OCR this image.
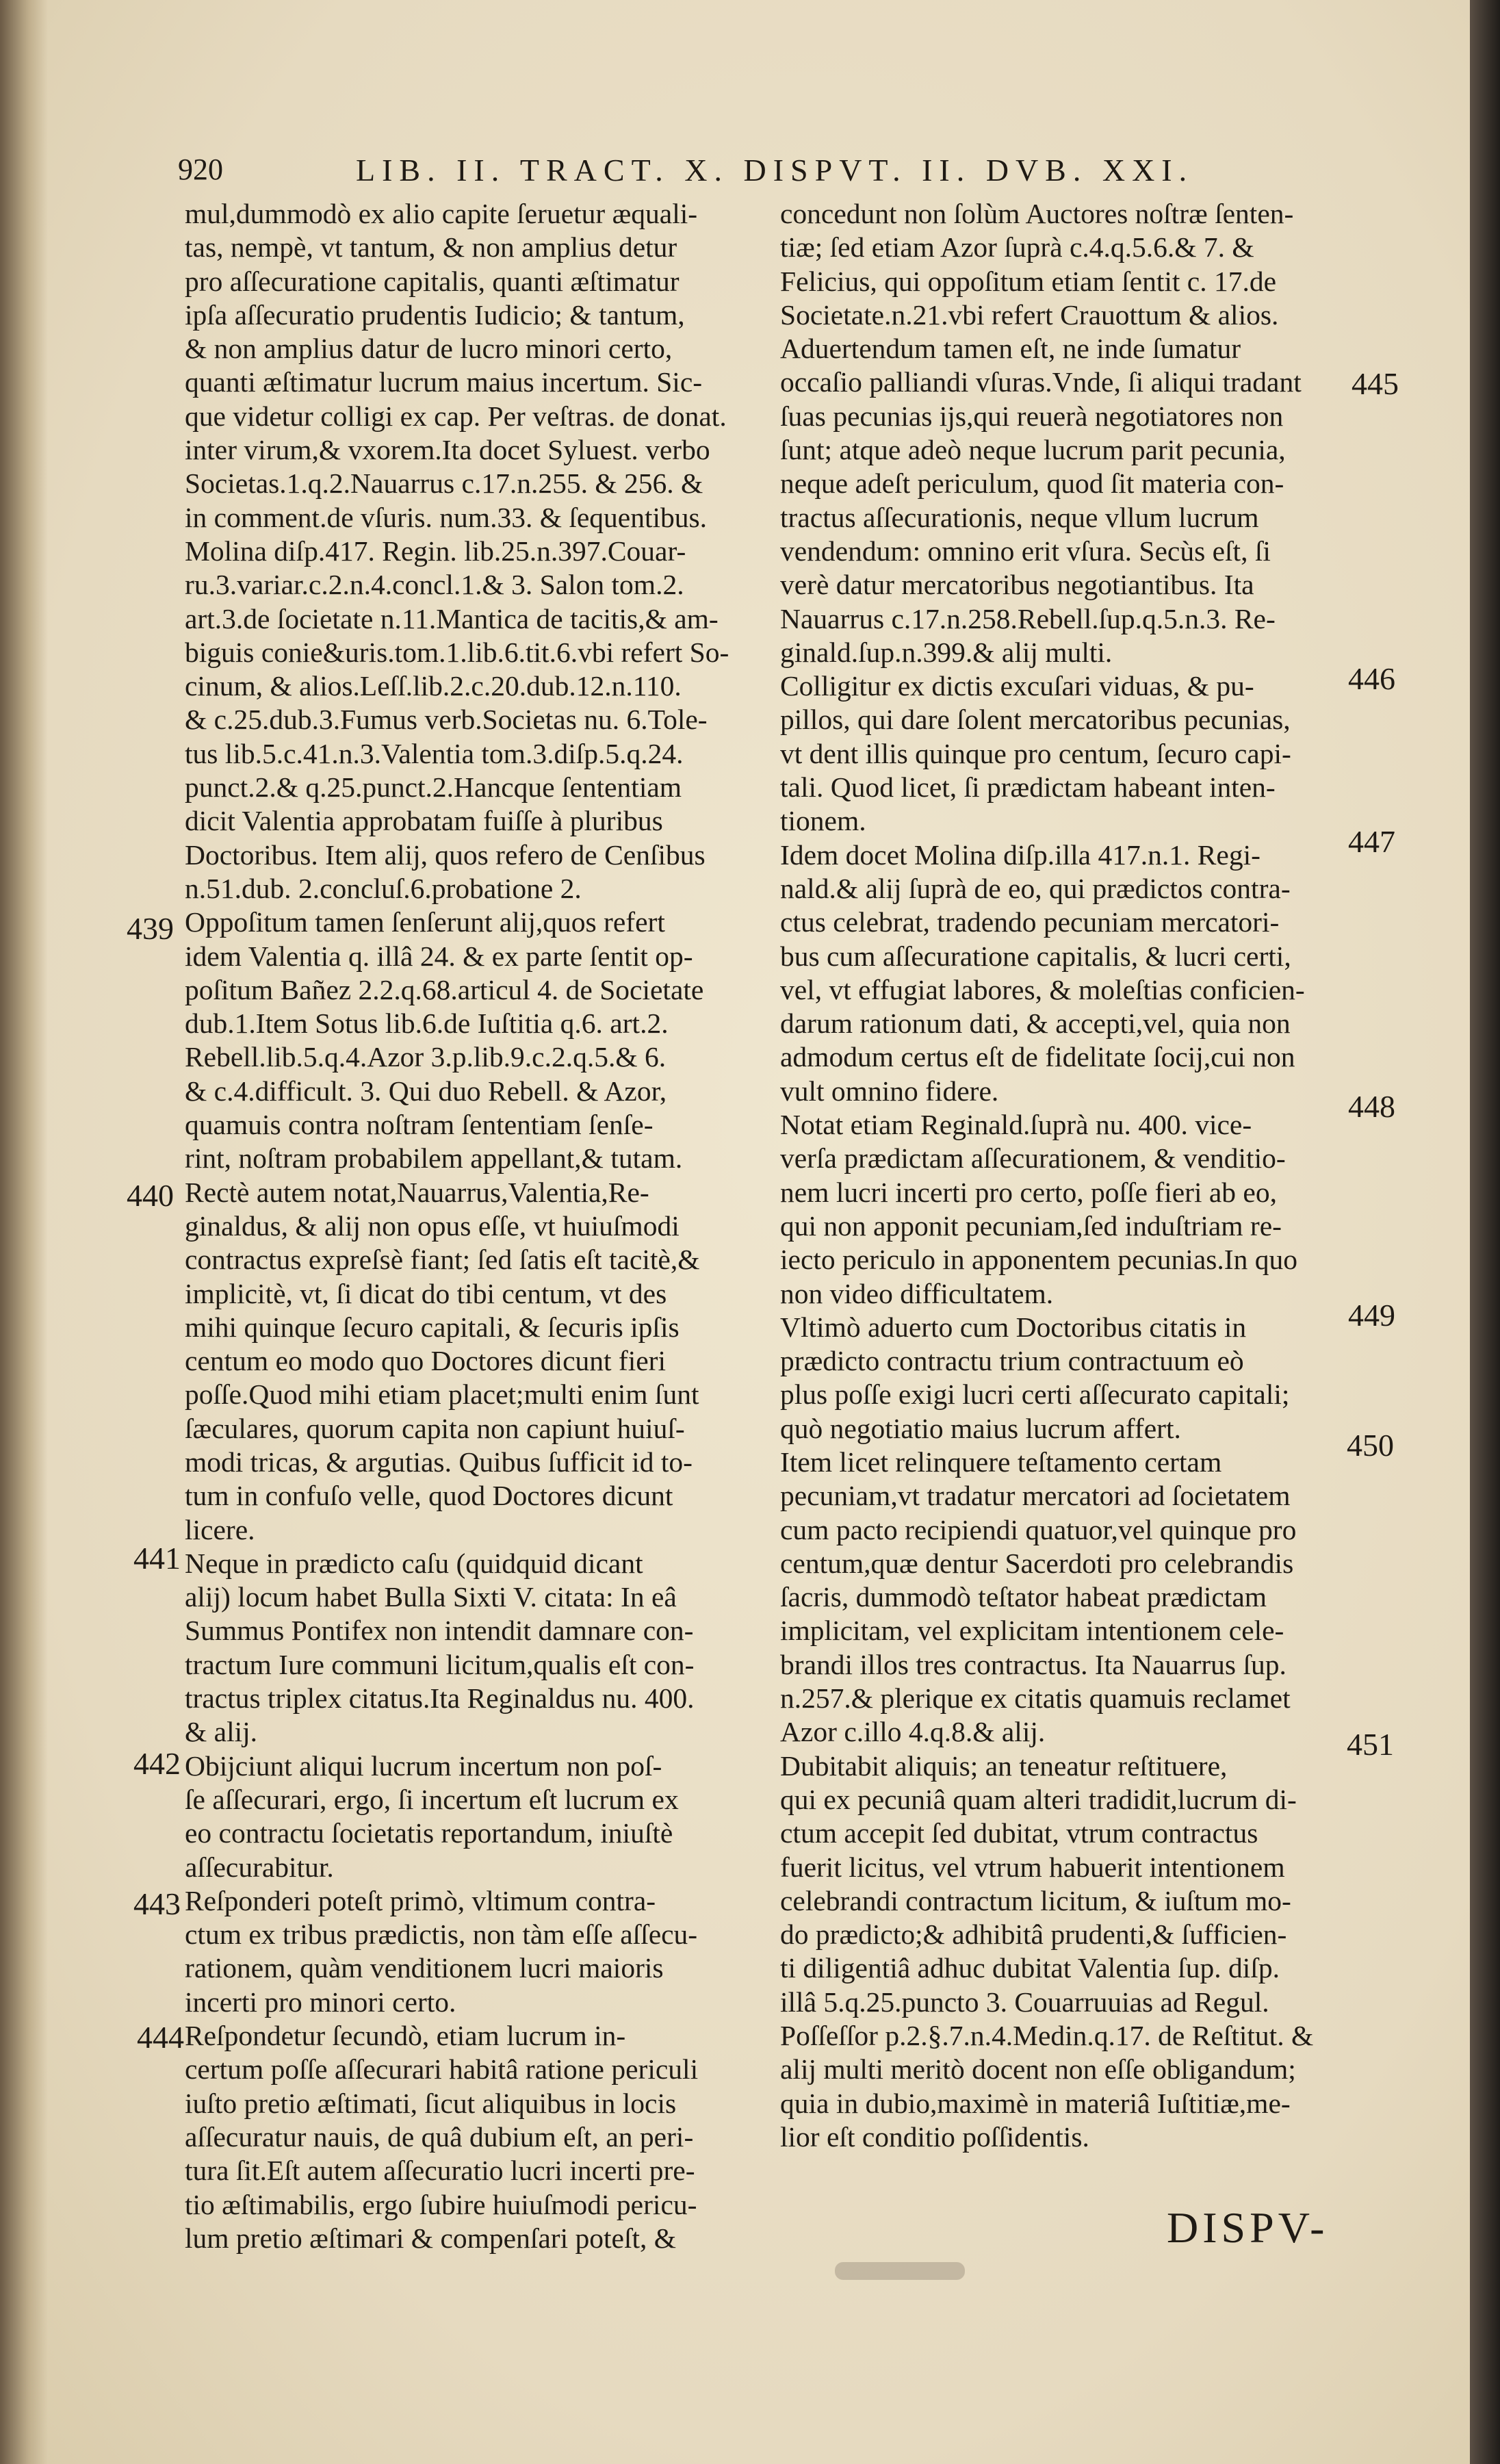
920	LIB. II. TRACT. X. DISPVT. II. DVB. XXI.
mul,dummodò ex alio capite ſeruetur æquali-
tas, nempè, vt tantum, & non amplius detur
pro aſſecuratione capitalis, quanti æſtimatur
ipſa aſſecuratio prudentis Iudicio; & tantum,
& non amplius datur de lucro minori certo,
quanti æſtimatur lucrum maius incertum. Sic-
que videtur colligi ex cap. Per veſtras. de donat.
inter virum,& vxorem.Ita docet Syluest. verbo
Societas.1.q.2.Nauarrus c.17.n.255. & 256. &
in comment.de vſuris. num.33. & ſequentibus.
Molina diſp.417. Regin. lib.25.n.397.Couar-
ru.3.variar.c.2.n.4.concl.1.& 3. Salon tom.2.
art.3.de ſocietate n.11.Mantica de tacitis,& am-
biguis conie&uris.tom.1.lib.6.tit.6.vbi refert So-
cinum, & alios.Leſſ.lib.2.c.20.dub.12.n.110.
& c.25.dub.3.Fumus verb.Societas nu. 6.Tole-
tus lib.5.c.41.n.3.Valentia tom.3.diſp.5.q.24.
punct.2.& q.25.punct.2.Hancque ſententiam
dicit Valentia approbatam fuiſſe à pluribus
Doctoribus. Item alij, quos refero de Cenſibus
n.51.dub. 2.concluſ.6.probatione 2.
Oppoſitum tamen ſenſerunt alij,quos refert
idem Valentia q. illâ 24. & ex parte ſentit op-
poſitum Bañez 2.2.q.68.articul 4. de Societate
dub.1.Item Sotus lib.6.de Iuſtitia q.6. art.2.
Rebell.lib.5.q.4.Azor 3.p.lib.9.c.2.q.5.& 6.
& c.4.difficult. 3. Qui duo Rebell. & Azor,
quamuis contra noſtram ſententiam ſenſe-
rint, noſtram probabilem appellant,& tutam.
Rectè autem notat,Nauarrus,Valentia,Re-
ginaldus, & alij non opus eſſe, vt huiuſmodi
contractus expreſsè fiant; ſed ſatis eſt tacitè,&
implicitè, vt, ſi dicat do tibi centum, vt des
mihi quinque ſecuro capitali, & ſecuris ipſis
centum eo modo quo Doctores dicunt fieri
poſſe.Quod mihi etiam placet;multi enim ſunt
ſæculares, quorum capita non capiunt huiuſ-
modi tricas, & argutias. Quibus ſufficit id to-
tum in confuſo velle, quod Doctores dicunt
licere.
Neque in prædicto caſu (quidquid dicant
alij) locum habet Bulla Sixti V. citata: In eâ
Summus Pontifex non intendit damnare con-
tractum Iure communi licitum,qualis eſt con-
tractus triplex citatus.Ita Reginaldus nu. 400.
& alij.
Obijciunt aliqui lucrum incertum non poſ-
ſe aſſecurari, ergo, ſi incertum eſt lucrum ex
eo contractu ſocietatis reportandum, iniuſtè
aſſecurabitur.
Reſponderi poteſt primò, vltimum contra-
ctum ex tribus prædictis, non tàm eſſe aſſecu-
rationem, quàm venditionem lucri maioris
incerti pro minori certo.
Reſpondetur ſecundò, etiam lucrum in-
certum poſſe aſſecurari habitâ ratione periculi
iuſto pretio æſtimati, ſicut aliquibus in locis
aſſecuratur nauis, de quâ dubium eſt, an peri-
tura ſit.Eſt autem aſſecuratio lucri incerti pre-
tio æſtimabilis, ergo ſubire huiuſmodi pericu-
lum pretio æſtimari & compenſari poteſt, &
concedunt non ſolùm Auctores noſtræ ſenten-
tiæ; ſed etiam Azor ſuprà c.4.q.5.6.& 7. &
Felicius, qui oppoſitum etiam ſentit c. 17.de
Societate.n.21.vbi refert Crauottum & alios.
Aduertendum tamen eſt, ne inde ſumatur
occaſio palliandi vſuras.Vnde, ſi aliqui tradant
ſuas pecunias ijs,qui reuerà negotiatores non
ſunt; atque adeò neque lucrum parit pecunia,
neque adeſt periculum, quod ſit materia con-
tractus aſſecurationis, neque vllum lucrum
vendendum: omnino erit vſura. Secùs eſt, ſi
verè datur mercatoribus negotiantibus. Ita
Nauarrus c.17.n.258.Rebell.ſup.q.5.n.3. Re-
ginald.ſup.n.399.& alij multi.
Colligitur ex dictis excuſari viduas, & pu-
pillos, qui dare ſolent mercatoribus pecunias,
vt dent illis quinque pro centum, ſecuro capi-
tali. Quod licet, ſi prædictam habeant inten-
tionem.
Idem docet Molina diſp.illa 417.n.1. Regi-
nald.& alij ſuprà de eo, qui prædictos contra-
ctus celebrat, tradendo pecuniam mercatori-
bus cum aſſecuratione capitalis, & lucri certi,
vel, vt effugiat labores, & moleſtias conficien-
darum rationum dati, & accepti,vel, quia non
admodum certus eſt de fidelitate ſocij,cui non
vult omnino fidere.
Notat etiam Reginald.ſuprà nu. 400. vice-
verſa prædictam aſſecurationem, & venditio-
nem lucri incerti pro certo, poſſe fieri ab eo,
qui non apponit pecuniam,ſed induſtriam re-
iecto periculo in apponentem pecunias.In quo
non video difficultatem.
Vltimò aduerto cum Doctoribus citatis in
prædicto contractu trium contractuum eò
plus poſſe exigi lucri certi aſſecurato capitali;
quò negotiatio maius lucrum affert.
Item licet relinquere teſtamento certam
pecuniam,vt tradatur mercatori ad ſocietatem
cum pacto recipiendi quatuor,vel quinque pro
centum,quæ dentur Sacerdoti pro celebrandis
ſacris, dummodò teſtator habeat prædictam
implicitam, vel explicitam intentionem cele-
brandi illos tres contractus. Ita Nauarrus ſup.
n.257.& plerique ex citatis quamuis reclamet
Azor c.illo 4.q.8.& alij.
Dubitabit aliquis; an teneatur reſtituere,
qui ex pecuniâ quam alteri tradidit,lucrum di-
ctum accepit ſed dubitat, vtrum contractus
fuerit licitus, vel vtrum habuerit intentionem
celebrandi contractum licitum, & iuſtum mo-
do prædicto;& adhibitâ prudenti,& ſufficien-
ti diligentiâ adhuc dubitat Valentia ſup. diſp.
illâ 5.q.25.puncto 3. Couarruuias ad Regul.
Poſſeſſor p.2.§.7.n.4.Medin.q.17. de Reſtitut. &
alij multi meritò docent non eſſe obligandum;
quia in dubio,maximè in materiâ Iuſtitiæ,me-
lior eſt conditio poſſidentis.
439
440
441
442
443
444
445
446
447
448
449
450
451
DISPV-
